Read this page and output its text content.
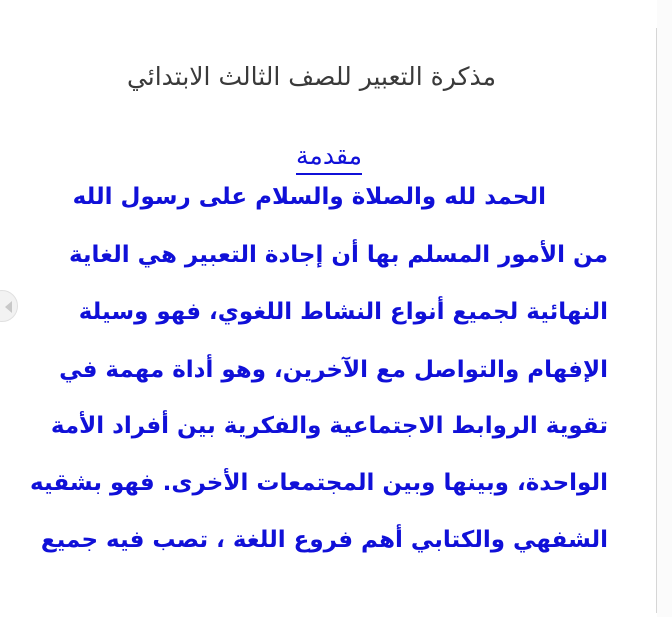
مذكرة التعبير للصف الثالث الابتدائي
مقدمة

الحمد لله والصلاة والسلام على رسول الله

من الأمور المسلم بها أن إجادة التعبير هي الغاية

النهائية لجميع أنواع النشاط اللغوي، فهو وسيلة

الإفهام والتواصل مع الآخرين، وهو أداة مهمة في

تقوية الروابط الاجتماعية والفكرية بين أفراد الأمة

الواحدة، وبينها وبين المجتمعات الأخرى. فهو بشقيه

الشفهي والكتابي أهم فروع اللغة ، تصب فيه جميع
